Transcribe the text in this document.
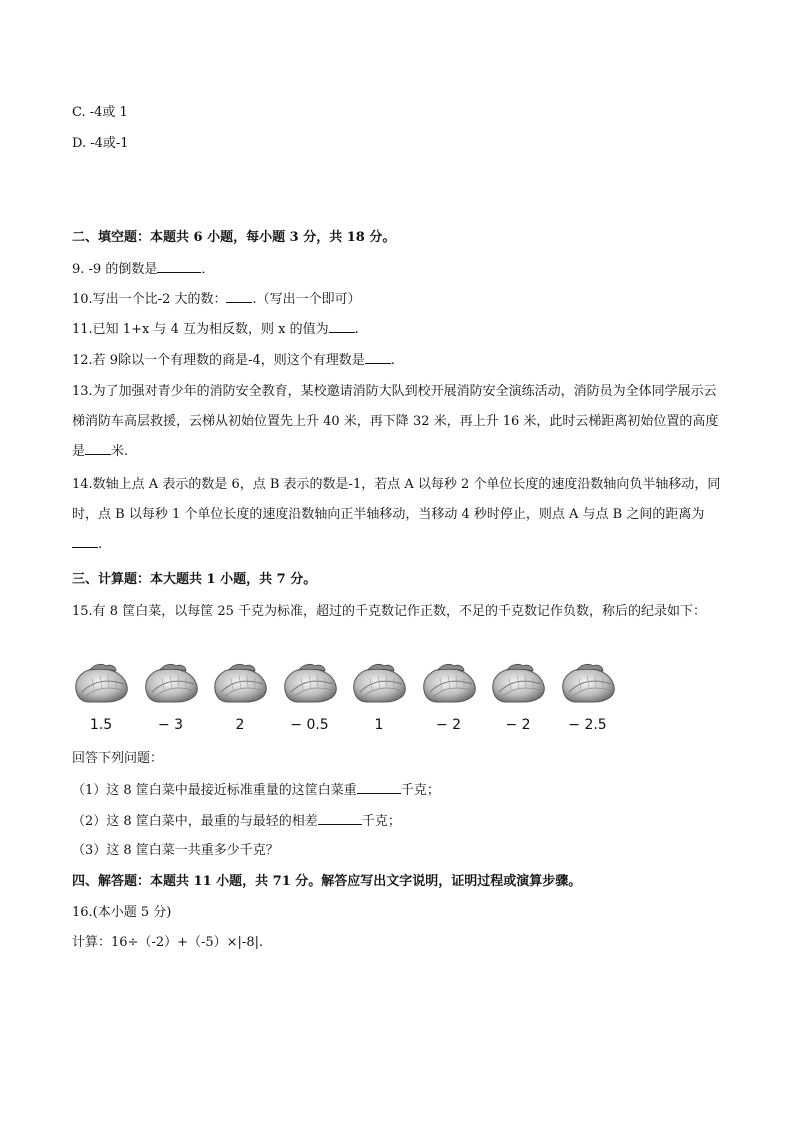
C. -4或 1
D. -4或-1
二、填空题：本题共 6 小题，每小题 3 分，共 18 分。
9. -9 的倒数是	．
10.写出一个比-2 大的数： .（写出一个即可）
11.已知 1+x 与 4 互为相反数，则 x 的值为 .
12.若 9除以一个有理数的商是-4，则这个有理数是 .
13.为了加强对青少年的消防安全教育，某校邀请消防大队到校开展消防安全演练活动，消防员为全体同学展示云梯消防车高层救援，云梯从初始位置先上升 40 米，再下降 32 米，再上升 16 米，此时云梯距离初始位置的高度是 米.
14.数轴上点 A 表示的数是 6，点 B 表示的数是-1，若点 A 以每秒 2 个单位长度的速度沿数轴向负半轴移动，同时，点 B 以每秒 1 个单位长度的速度沿数轴向正半轴移动，当移动 4 秒时停止，则点 A 与点 B 之间的距离为.
三、计算题：本大题共 1 小题，共 7 分。
15.有 8 筐白菜，以每筐 25 千克为标准，超过的千克数记作正数，不足的千克数记作负数，称后的纪录如下：
1.5	− 3	2	− 0.5	1	− 2	− 2	− 2.5
回答下列问题：
（1）这 8 筐白菜中最接近标准重量的这筐白菜重	千克；
（2）这 8 筐白菜中，最重的与最轻的相差	千克；
（3）这 8 筐白菜一共重多少千克？
四、解答题：本题共 11 小题，共 71 分。解答应写出文字说明，证明过程或演算步骤。
16.(本小题 5 分)
计算：16÷（-2）+（-5）×|-8|.
